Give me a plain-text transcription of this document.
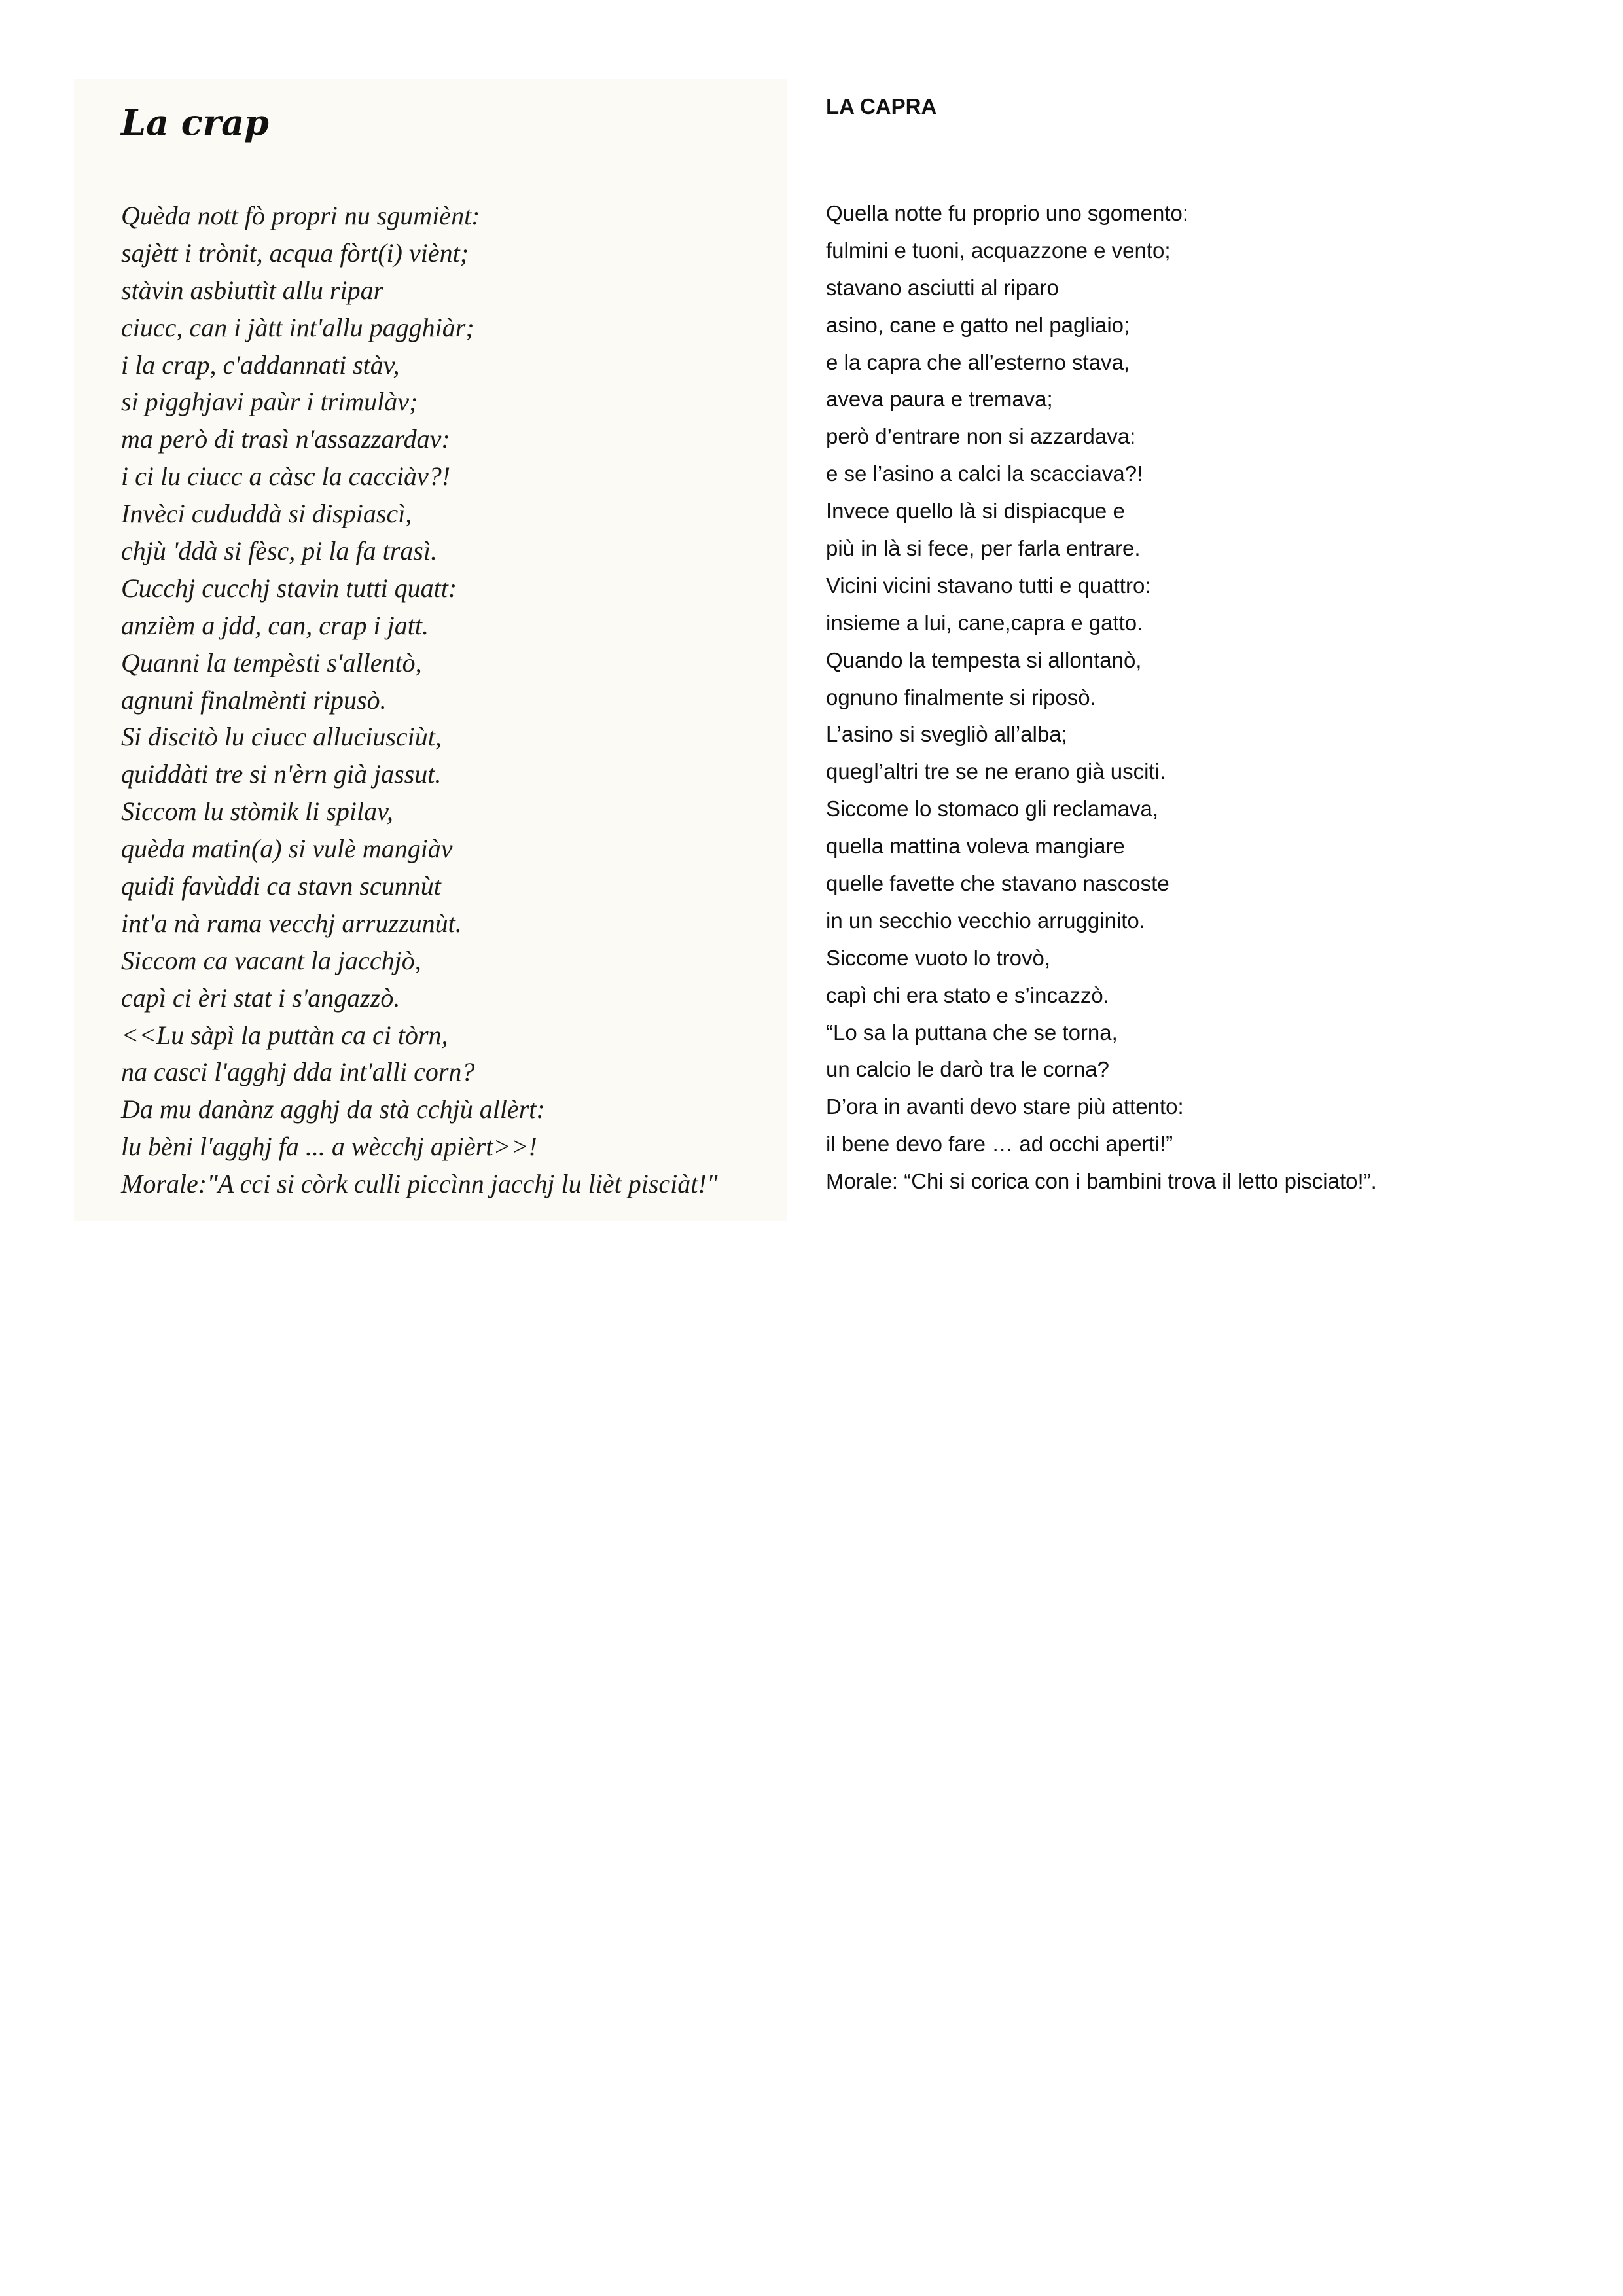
La crap
Quèda nott fò propri nu sgumiènt:
sajètt i trònit, acqua fòrt(i) viènt;
stàvin asbiuttìt allu ripar
ciucc, can i jàtt int'allu pagghiàr;
i la crap, c'addannati stàv,
si pigghjavi paùr i trimulàv;
ma però di trasì n'assazzardav:
i ci lu ciucc a càsc la cacciàv?!
Invèci cududdà si dispiascì,
chjù 'ddà si fèsc, pi la fa trasì.
Cucchj cucchj stavin tutti quatt:
anzièm a jdd, can, crap i jatt.
Quanni la tempèsti s'allentò,
agnuni finalmènti ripusò.
Si discitò lu ciucc alluciusciùt,
quiddàti tre si n'èrn già jassut.
Siccom lu stòmik li spilav,
quèda matin(a) si vulè mangiàv
quidi favùddi ca stavn scunnùt
int'a nà rama vecchj arruzzunùt.
Siccom ca vacant la jacchjò,
capì ci èri stat i s'angazzò.
<<Lu sàpì la puttàn ca ci tòrn,
na casci l'agghj dda int'alli corn?
Da mu danànz agghj da stà cchjù allèrt:
lu bèni l'agghj fa ... a wècchj apièrt>>!
Morale:"A cci si còrk culli piccìnn jacchj lu lièt pisciàt!"
LA CAPRA
Quella notte fu proprio uno sgomento:
fulmini e tuoni, acquazzone e vento;
stavano asciutti al riparo
asino, cane e gatto nel pagliaio;
e la capra che all’esterno stava,
aveva paura e tremava;
però d’entrare non si azzardava:
e se l’asino a calci la scacciava?!
Invece quello là si dispiacque e
più in là si fece, per farla entrare.
Vicini vicini stavano tutti e quattro:
insieme a lui, cane,capra e gatto.
Quando la tempesta si allontanò,
ognuno finalmente si riposò.
L’asino si svegliò all’alba;
quegl’altri tre se ne erano già usciti.
Siccome lo stomaco gli reclamava,
quella mattina voleva mangiare
quelle favette che stavano nascoste
in un secchio vecchio arrugginito.
Siccome vuoto lo trovò,
capì chi era stato e s’incazzò.
“Lo sa la puttana che se torna,
un calcio le darò tra le corna?
D’ora in avanti devo stare più attento:
il bene devo fare … ad occhi aperti!”
Morale: “Chi si corica con i bambini trova il letto pisciato!”.
